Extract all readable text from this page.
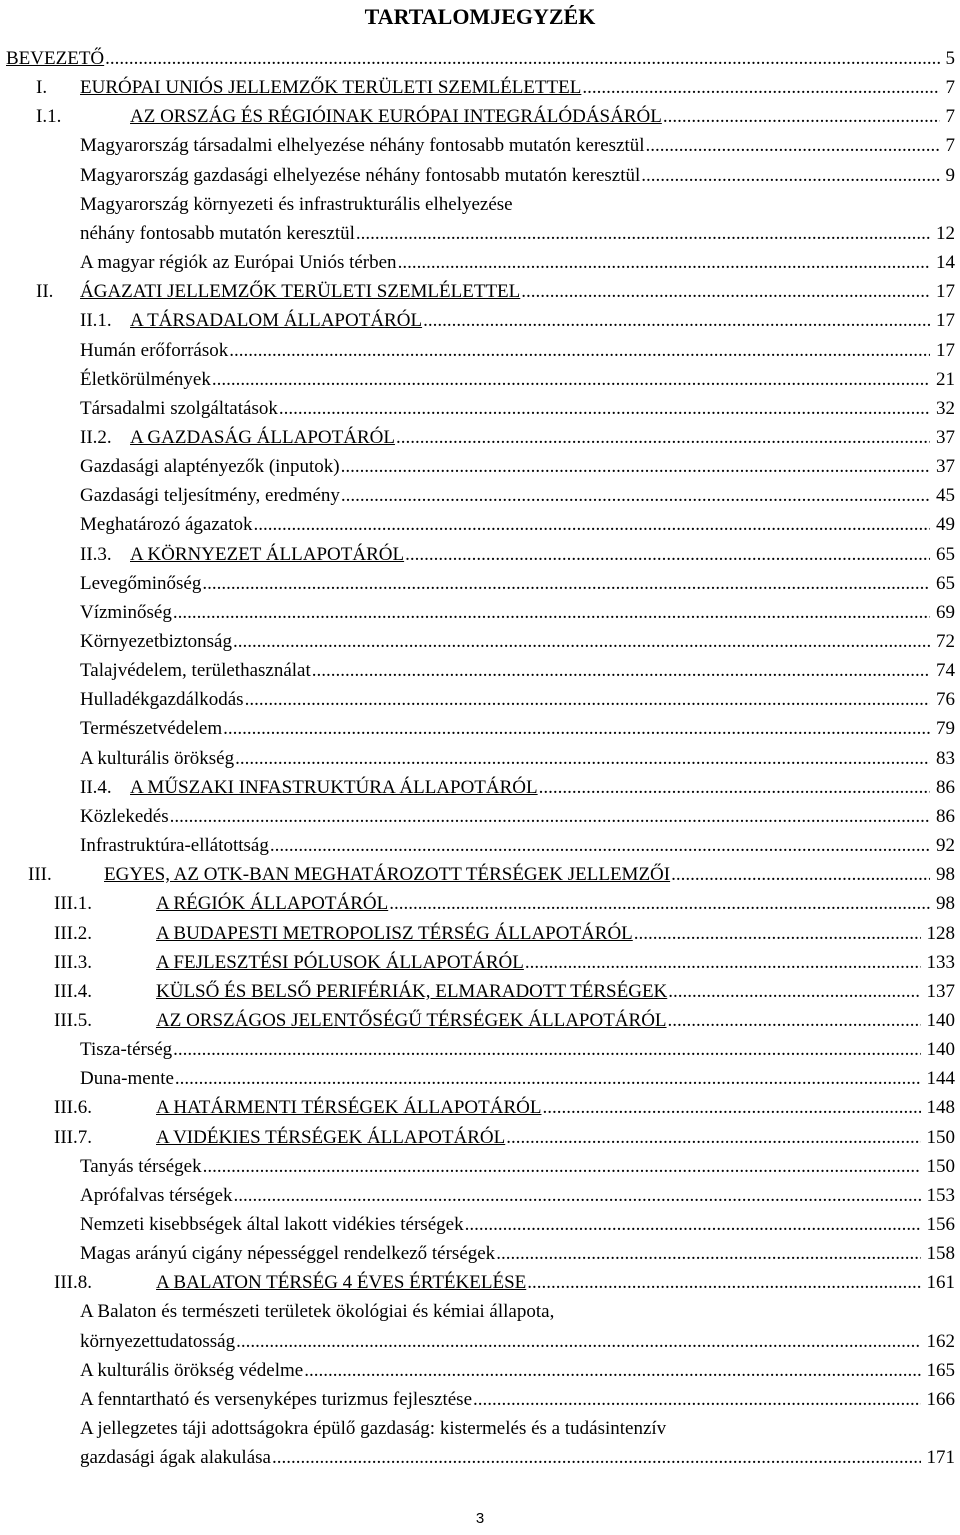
TARTALOMJEGYZÉK
BEVEZETŐ .....	5
I. EURÓPAI UNIÓS JELLEMZŐK TERÜLETI SZEMLÉLETTEL .....	7
I.1.	AZ ORSZÁG ÉS RÉGIÓINAK EURÓPAI INTEGRÁLÓDÁSÁRÓL .....	7
Magyarország társadalmi elhelyezése néhány fontosabb mutatón keresztül .....	7
Magyarország gazdasági elhelyezése néhány fontosabb mutatón keresztül .....	9
Magyarország környezeti és infrastrukturális elhelyezése
néhány fontosabb mutatón keresztül .....	12
A magyar régiók az Európai Uniós térben .....	14
II. ÁGAZATI JELLEMZŐK TERÜLETI SZEMLÉLETTEL .....	17
II.1. A TÁRSADALOM ÁLLAPOTÁRÓL .....	17
Humán erőforrások .....	17
Életkörülmények .....	21
Társadalmi szolgáltatások .....	32
II.2. A GAZDASÁG ÁLLAPOTÁRÓL .....	37
Gazdasági alaptényezők (inputok) .....	37
Gazdasági teljesítmény, eredmény .....	45
Meghatározó ágazatok .....	49
II.3. A KÖRNYEZET ÁLLAPOTÁRÓL .....	65
Levegőminőség .....	65
Vízminőség .....	69
Környezetbiztonság .....	72
Talajvédelem, területhasználat .....	74
Hulladékgazdálkodás .....	76
Természetvédelem .....	79
A kulturális örökség .....	83
II.4. A MŰSZAKI INFASTRUKTÚRA ÁLLAPOTÁRÓL .....	86
Közlekedés .....	86
Infrastruktúra-ellátottság .....	92
III.	EGYES, AZ OTK-BAN MEGHATÁROZOTT TÉRSÉGEK JELLEMZŐI .....	98
III.1.	A RÉGIÓK ÁLLAPOTÁRÓL .....	98
III.2.	A BUDAPESTI METROPOLISZ TÉRSÉG ÁLLAPOTÁRÓL .....	128
III.3.	A FEJLESZTÉSI PÓLUSOK ÁLLAPOTÁRÓL .....	133
III.4.	KÜLSŐ ÉS BELSŐ PERIFÉRIÁK, ELMARADOTT TÉRSÉGEK .....	137
III.5.	AZ ORSZÁGOS JELENTŐSÉGŰ TÉRSÉGEK ÁLLAPOTÁRÓL .....	140
Tisza-térség .....	140
Duna-mente .....	144
III.6.	A HATÁRMENTI TÉRSÉGEK ÁLLAPOTÁRÓL .....	148
III.7.	A VIDÉKIES TÉRSÉGEK ÁLLAPOTÁRÓL .....	150
Tanyás térségek .....	150
Aprófalvas térségek .....	153
Nemzeti kisebbségek által lakott vidékies térségek .....	156
Magas arányú cigány népességgel rendelkező térségek .....	158
III.8.	A BALATON TÉRSÉG 4 ÉVES ÉRTÉKELÉSE .....	161
A Balaton és természeti területek ökológiai és kémiai állapota,
környezettudatosság .....	162
A kulturális örökség védelme .....	165
A fenntartható és versenyképes turizmus fejlesztése .....	166
A jellegzetes táji adottságokra épülő gazdaság: kistermelés és a tudásintenzív
gazdasági ágak alakulása .....	171
3
